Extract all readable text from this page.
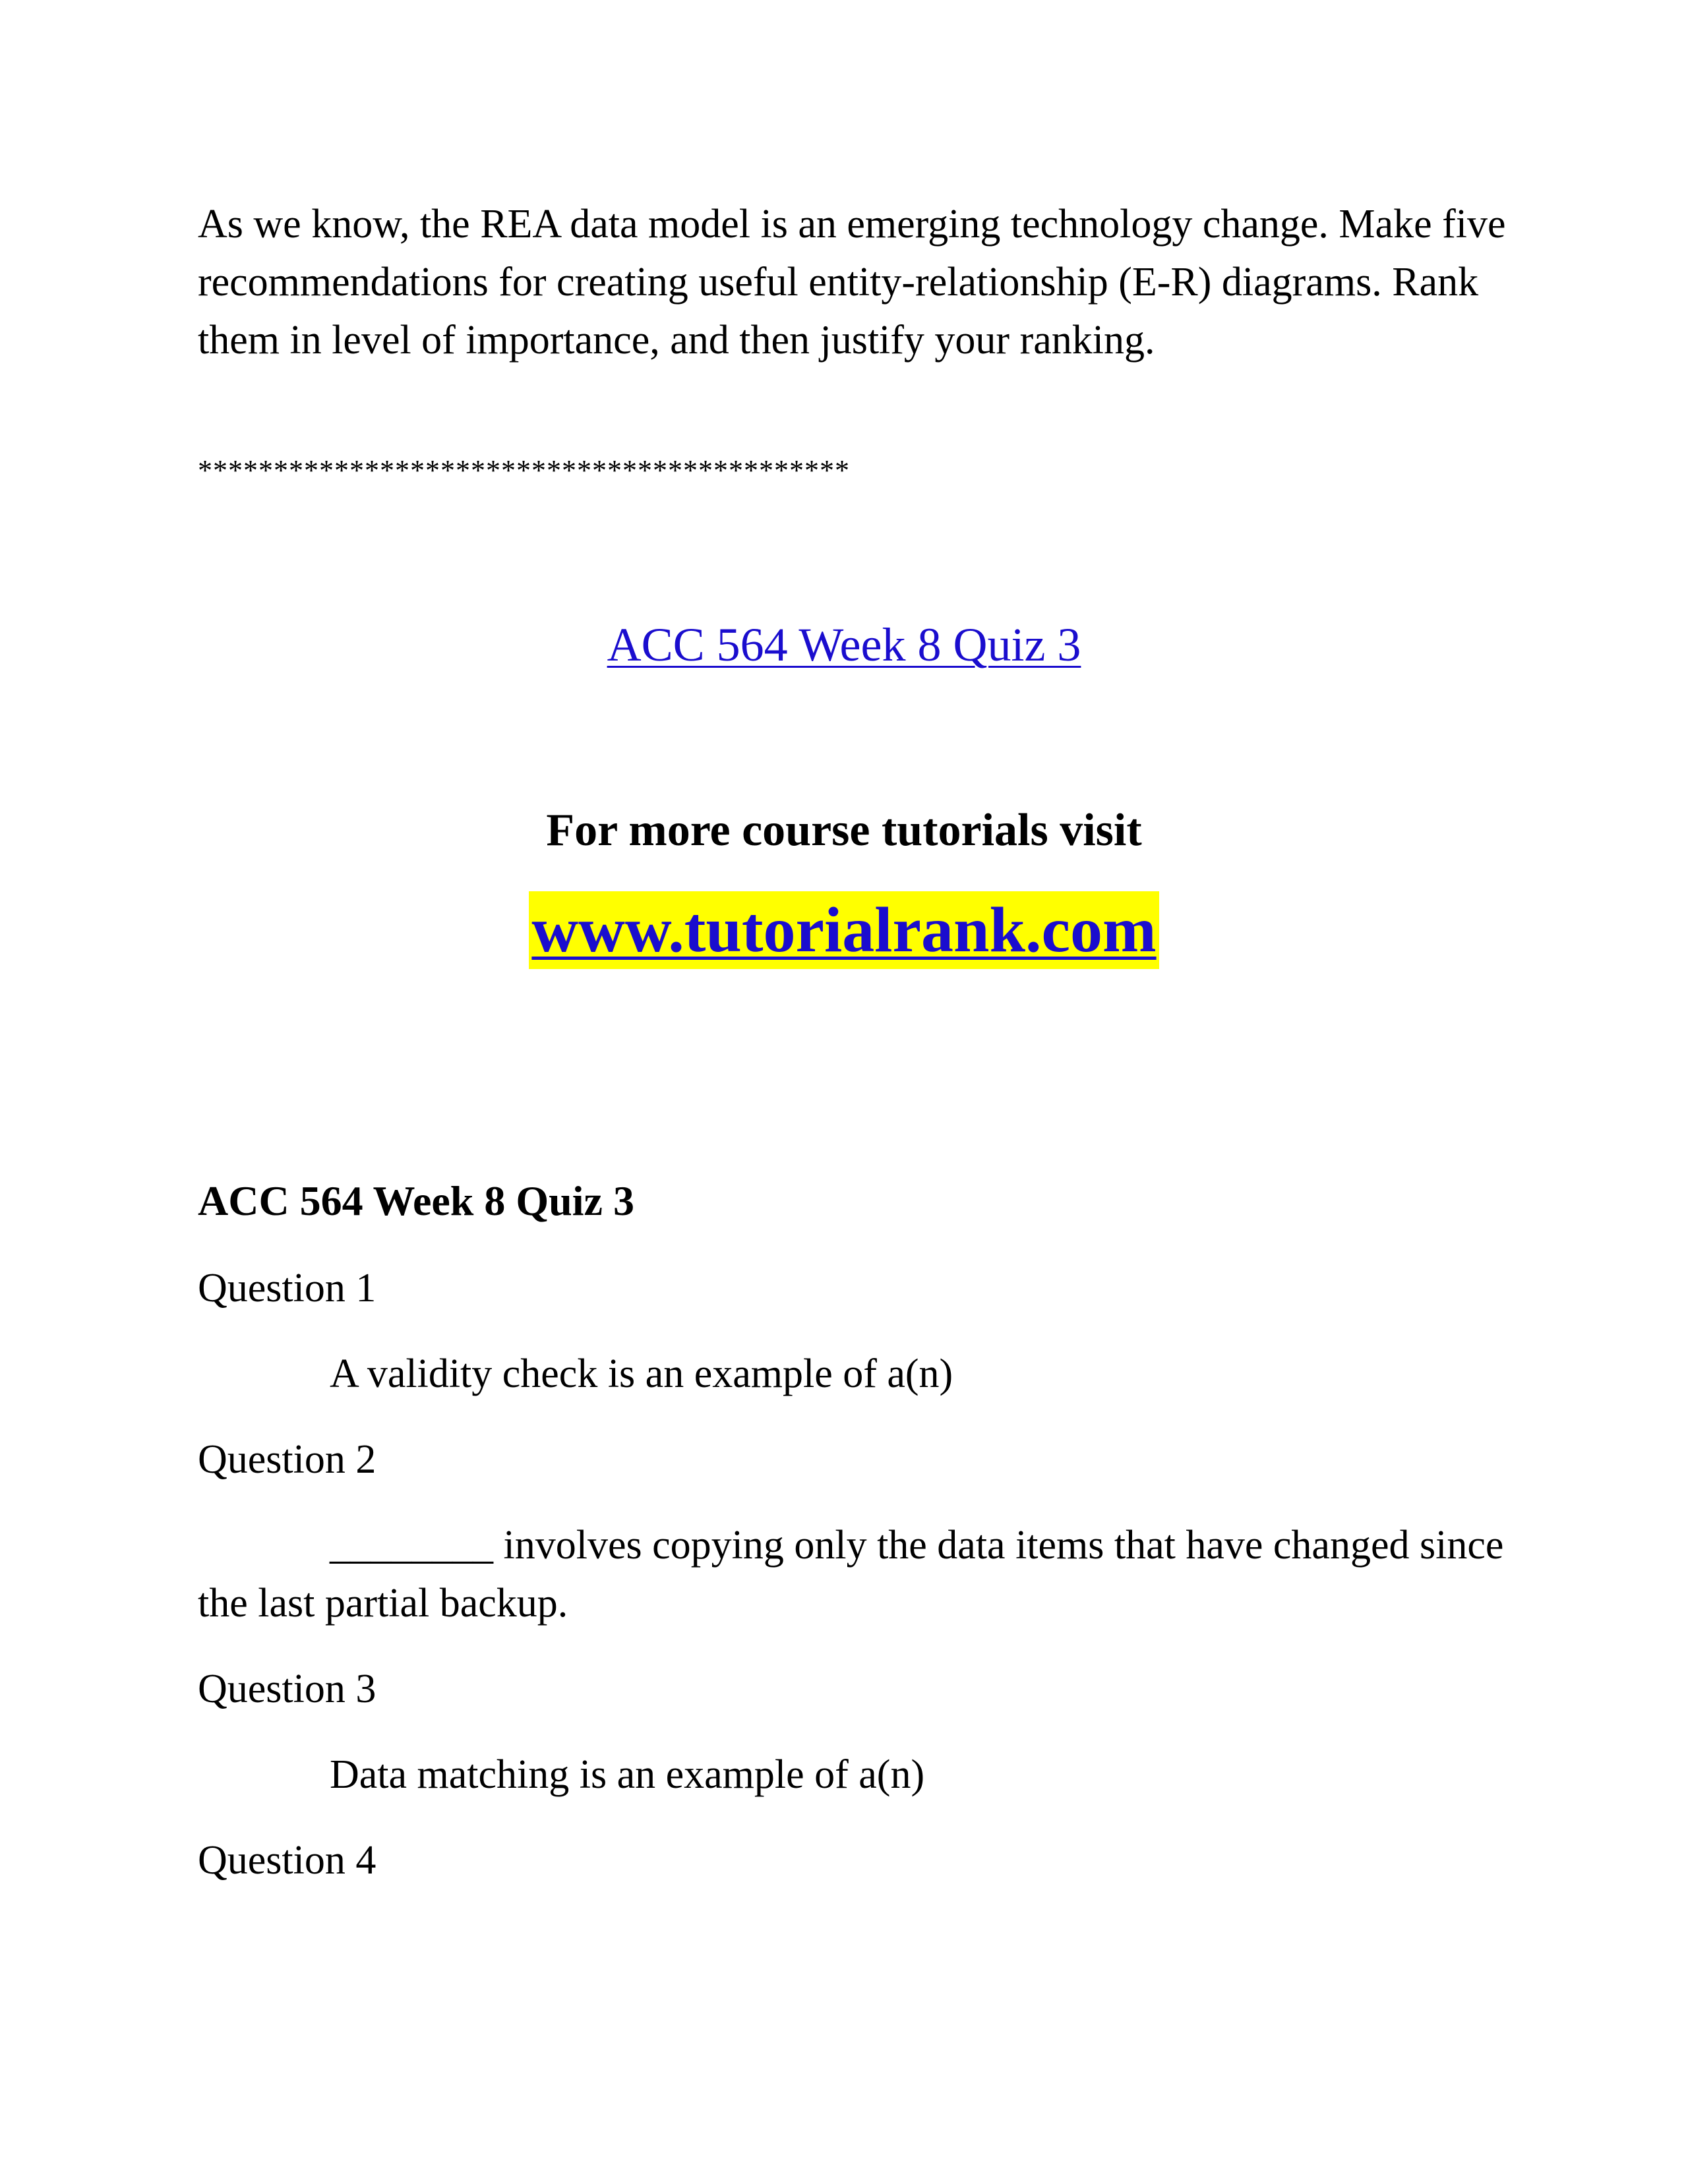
As we know, the REA data model is an emerging technology change. Make five recommendations for creating useful entity-relationship (E-R) diagrams. Rank them in level of importance, and then justify your ranking.

*******************************************
ACC 564 Week 8 Quiz 3
For more course tutorials visit
www.tutorialrank.com
ACC 564 Week 8 Quiz 3
Question 1
A validity check is an example of a(n)
Question 2

________ involves copying only the data items that have changed since the last partial backup.

Question 3
Data matching is an example of a(n)
Question 4
